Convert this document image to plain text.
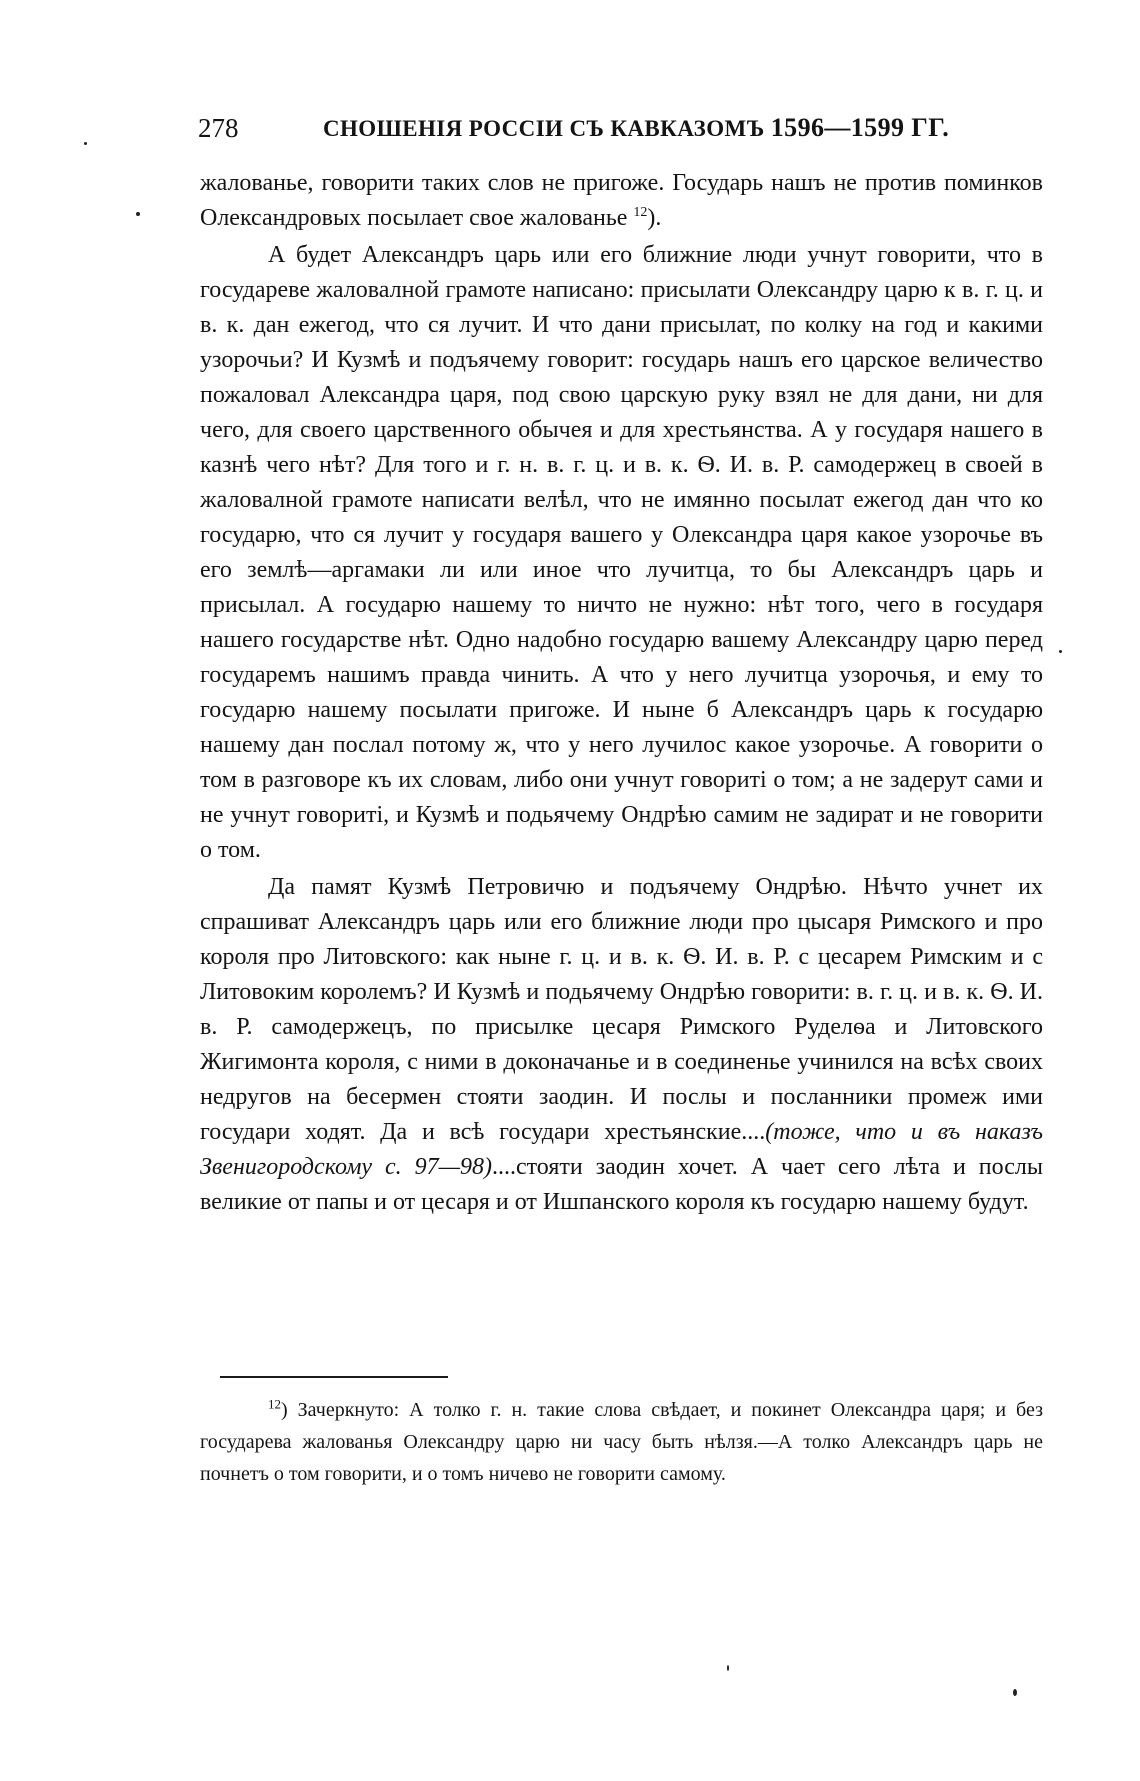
278	СНОШЕНІЯ РОССІИ СЪ КАВКАЗОМЪ 1596—1599 ГГ.

жалованье, говорити таких слов не пригоже. Государь нашъ не против поминков Олександровых посылает свое жалованье $^{12}$).

А будет Александръ царь или его ближние люди учнут говорити, что в государеве жаловалной грамоте написано: присылати Олександру царю к в. г. ц. и в. к. дан ежегод, что ся лучит. И что дани присылат, по колку на год и какими узорочьи? И Кузмѣ и подъячему говорит: государь нашъ его царское величество пожаловал Александра царя, под свою царскую руку взял не для дани, ни для чего, для своего царственного обычея и для хрестьянства. А у государя нашего в казнѣ чего нѣт? Для того и г. н. в. г. ц. и в. к. Ѳ. И. в. Р. самодержец в своей в жаловалной грамоте написати велѣл, что не имянно посылат ежегод дан что ко государю, что ся лучит у государя вашего у Олександра царя какое узорочье въ его землѣ—аргамаки ли или иное что лучитца, то бы Александръ царь и присылал. А государю нашему то ничто не нужно: нѣт того, чего в государя нашего государстве нѣт. Одно надобно государю вашему Александру царю перед государемъ нашимъ правда чинить. А что у него лучитца узорочья, и ему то государю нашему посылати пригоже. И ныне б Александръ царь к государю нашему дан послал потому ж, что у него лучилос какое узорочье. А говорити о том в разговоре къ их словам, либо они учнут говориті о том; а не задерут сами и не учнут говориті, и Кузмѣ и подьячему Ондрѣю самим не задират и не говорити о том.

Да памят Кузмѣ Петровичю и подъячему Ондрѣю. Нѣчто учнет их спрашиват Александръ царь или его ближние люди про цысаря Римского и про короля про Литовского: как ныне г. ц. и в. к. Ѳ. И. в. Р. с цесарем Римским и с Литовоким королемъ? И Кузмѣ и подьячему Ондрѣю говорити: в. г. ц. и в. к. Ѳ. И. в. Р. самодержецъ, по присылке цесаря Римского Руделѳа и Литовского Жигимонта короля, с ними в доконачанье и в соединенье учинился на всѣх своих недругов на бесермен стояти заодин. И послы и посланники промеж ими государи ходят. Да и всѣ государи хрестьянские....(тоже, что и въ наказъ Звенигородскому с. 97—98)....стояти заодин хочет. А чает сего лѣта и послы великие от папы и от цесаря и от Ишпанского короля къ государю нашему будут.

$^{12}$) Зачеркнуто: А толко г. н. такие слова свѣдает, и покинет Олександра царя; и без государева жалованья Олександру царю ни часу быть нѣлзя.—А толко Александръ царь не почнетъ о том говорити, и о томъ ничево не говорити самому.
